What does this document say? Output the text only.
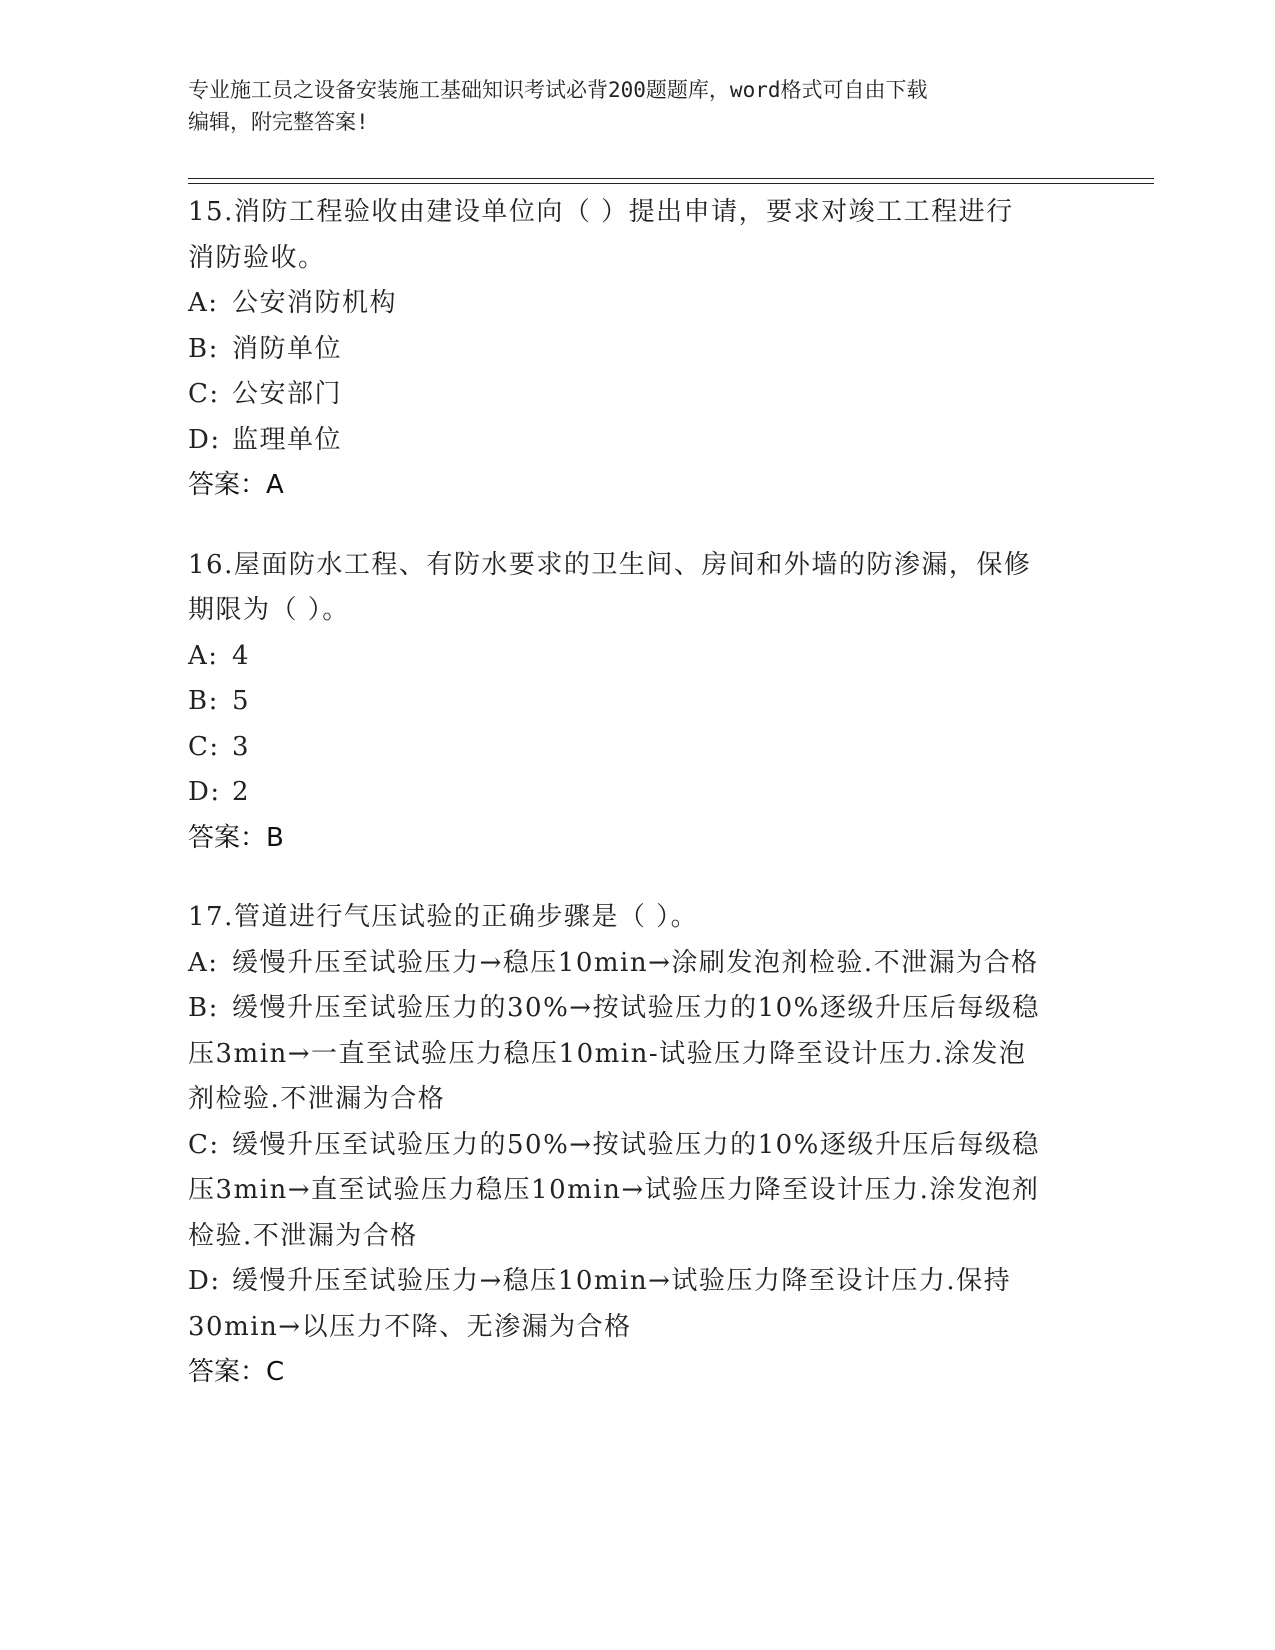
专业施工员之设备安装施工基础知识考试必背200题题库，word格式可自由下载
编辑，附完整答案!
15.消防工程验收由建设单位向（ ）提出申请，要求对竣工工程进行
消防验收。
A: 公安消防机构
B: 消防单位
C: 公安部门
D: 监理单位
答案：A
16.屋面防水工程、有防水要求的卫生间、房间和外墙的防渗漏，保修
期限为（ ）。
A: 4
B: 5
C: 3
D: 2
答案：B
17.管道进行气压试验的正确步骤是（ ）。
A: 缓慢升压至试验压力→稳压10min→涂刷发泡剂检验.不泄漏为合格
B: 缓慢升压至试验压力的30%→按试验压力的10%逐级升压后每级稳
压3min→一直至试验压力稳压10min-试验压力降至设计压力.涂发泡
剂检验.不泄漏为合格
C: 缓慢升压至试验压力的50%→按试验压力的10%逐级升压后每级稳
压3min→直至试验压力稳压10min→试验压力降至设计压力.涂发泡剂
检验.不泄漏为合格
D: 缓慢升压至试验压力→稳压10min→试验压力降至设计压力.保持
30min→以压力不降、无渗漏为合格
答案：C
